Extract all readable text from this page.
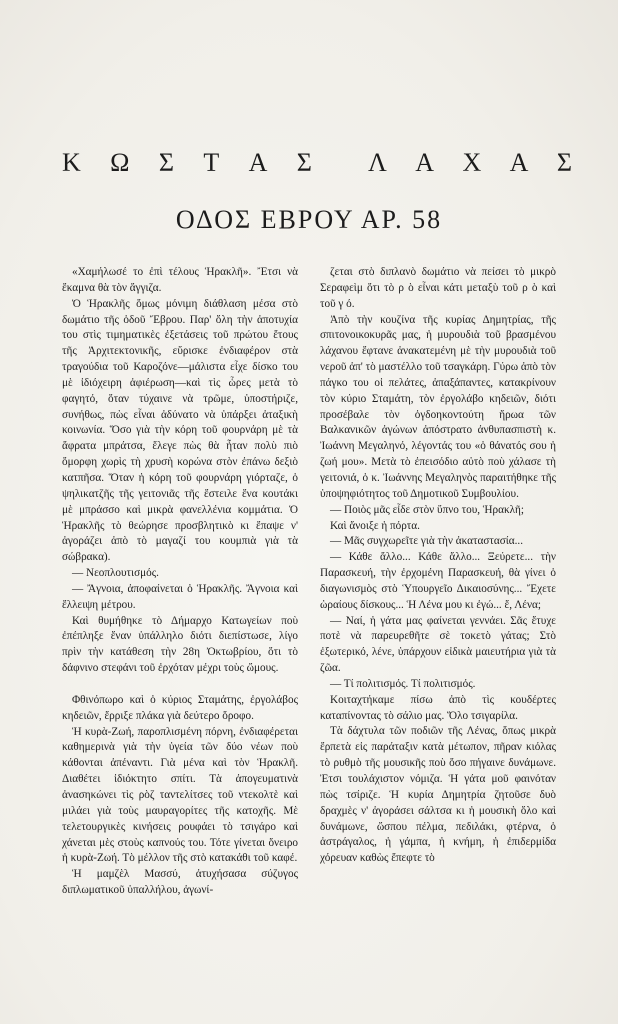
Κ Ω Σ Τ Α Σ Λ Α Χ Α Σ
ΟΔΟΣ ΕΒΡΟΥ ΑΡ. 58

«Χαμήλωσέ το ἐπὶ τέλους Ἡρακλῆ». Ἔτσι νὰ ἔκαμνα θὰ τὸν ἄγγιζα.

Ὁ Ἡρακλῆς ὅμως μόνιμη διάθλαση μέσα στὸ δωμάτιο τῆς ὁδοῦ Ἔβρου. Παρ' ὅλη τὴν ἀποτυχία του στὶς τιμηματικὲς ἐξετάσεις τοῦ πρώτου ἔτους τῆς Ἀρχιτεκτονικῆς, εὕρισκε ἐνδιαφέρον στὰ τραγούδια τοῦ Καροζόνε—μάλιστα εἶχε δίσκο του μὲ ἰδιόχειρη ἀφιέρωση—καὶ τὶς ὧρες μετὰ τὸ φαγητό, ὅταν τύχαινε νὰ τρῶμε, ὑποστήριζε, συνήθως, πὼς εἶναι ἀδύνατο νὰ ὑπάρξει ἀταξικὴ κοινωνία. Ὅσο γιὰ τὴν κόρη τοῦ φουρνάρη μὲ τὰ ἄφρατα μπράτσα, ἔλεγε πὼς θὰ ἦταν πολὺ πιὸ ὄμορφη χωρὶς τὴ χρυσὴ κορώνα στὸν ἐπάνω δεξιὸ κατπῆσα. Ὅταν ἡ κόρη τοῦ φουρνάρη γιόρταζε, ὁ ψηλικατζῆς τῆς γειτονιᾶς τῆς ἔστειλε ἕνα κουτάκι μὲ μπράσσο καὶ μικρὰ φανελλένια κομμάτια. Ὁ Ἡρακλῆς τὸ θεώρησε προσβλητικὸ κι ἔπαψε ν' ἀγοράζει ἀπὸ τὸ μαγαζί του κουμπιὰ γιὰ τὰ σώβρακα).

— Νεοπλουτισμός.

— Ἄγνοια, ἀποφαίνεται ὁ Ἡρακλῆς. Ἄγνοια καὶ ἔλλειψη μέτρου.

Καὶ θυμήθηκε τὸ Δήμαρχο Κατωγείων ποὺ ἐπέπληξε ἕναν ὑπάλληλο διότι διεπίστωσε, λίγο πρὶν τὴν κατάθεση τὴν 28η Ὀκτωβρίου, ὅτι τὸ δάφνινο στεφάνι τοῦ ἐρχόταν μέχρι τοὺς ὤμους.

Φθινόπωρο καὶ ὁ κύριος Σταμάτης, ἐργολάβος κηδειῶν, ἔρριξε πλάκα γιὰ δεύτερο ὄροφο.

Ἡ κυρὰ-Ζωή, παροπλισμένη πόρνη, ἐνδιαφέρεται καθημερινὰ γιὰ τὴν ὑγεία τῶν δύο νέων ποὺ κάθονται ἀπέναντι. Γιὰ μένα καὶ τὸν Ἡρακλῆ. Διαθέτει ἰδιόκτητο σπίτι. Τὰ ἀπογευματινὰ ἀνασηκώνει τὶς ρὸζ ταντελίτσες τοῦ ντεκολτὲ καὶ μιλάει γιὰ τοὺς μαυραγορίτες τῆς κατοχῆς. Μὲ τελετουργικὲς κινήσεις ρουφάει τὸ τσιγάρο καὶ χάνεται μὲς στοὺς καπνούς του. Τότε γίνεται ὄνειρο ἡ κυρὰ-Ζωή. Τὸ μέλλον τῆς στὸ κατακάθι τοῦ καφέ.

Ἡ μαμζὲλ Μασσύ, ἀτυχήσασα σύζυγος διπλωματικοῦ ὑπαλλήλου, ἀγωνί-

ζεται στὸ διπλανὸ δωμάτιο νὰ πείσει τὸ μικρὸ Σεραφεὶμ ὅτι τὸ ρ ὸ εἶναι κάτι μεταξὺ τοῦ ρ ὸ καὶ τοῦ γ ό.

Ἀπὸ τὴν κουζίνα τῆς κυρίας Δημητρίας, τῆς σπιτονοικοκυρᾶς μας, ἡ μυρουδιὰ τοῦ βρασμένου λάχανου ἔφτανε ἀνακατεμένη μὲ τὴν μυρουδιὰ τοῦ νεροῦ ἀπ' τὸ μαστέλλο τοῦ τσαγκάρη. Γύρω ἀπὸ τὸν πάγκο του οἱ πελάτες, ἀπαξάπαντες, κατακρίνουν τὸν κύριο Σταμάτη, τὸν ἐργολάβο κηδειῶν, διότι προσέβαλε τὸν ὀγδοηκοντούτη ἥρωα τῶν Βαλκανικῶν ἀγώνων ἀπόστρατο ἀνθυπασπιστὴ κ. Ἰωάννη Μεγαληνό, λέγοντάς του «ὁ θάνατός σου ἡ ζωή μου». Μετὰ τὸ ἐπεισόδιο αὐτὸ ποὺ χάλασε τὴ γειτονιά, ὁ κ. Ἰωάννης Μεγαληνὸς παραιτήθηκε τῆς ὑποψηφιότητος τοῦ Δημοτικοῦ Συμβουλίου.

— Ποιὸς μᾶς εἶδε στὸν ὕπνο του, Ἡρακλῆ;

Καὶ ἄνοιξε ἡ πόρτα.

— Μᾶς συγχωρεῖτε γιὰ τὴν ἀκαταστασία...

— Κάθε ἄλλο... Κάθε ἄλλο... Ξεύρετε... τὴν Παρασκευή, τὴν ἐρχομένη Παρασκευή, θὰ γίνει ὁ διαγωνισμὸς στὸ Ὑπουργεῖο Δικαιοσύνης... Ἔχετε ὡραίους δίσκους... Ἡ Λένα μου κι ἐγώ... ἔ, Λένα;

— Ναί, ἡ γάτα μας φαίνεται γεννάει. Σᾶς ἔτυχε ποτὲ νὰ παρευρεθῆτε σὲ τοκετὸ γάτας; Στὸ ἐξωτερικό, λένε, ὑπάρχουν εἰδικὰ μαιευτήρια γιὰ τὰ ζῶα.

— Τί πολιτισμός. Τί πολιτισμός.

Κοιταχτήκαμε πίσω ἀπὸ τὶς κουδέρτες καταπίνοντας τὸ σάλιο μας. Ὅλο τσιγαρίλα.

Τὰ δάχτυλα τῶν ποδιῶν τῆς Λένας, ὅπως μικρὰ ἔρπετὰ εἰς παράταξιν κατὰ μέτωπον, πῆραν κιόλας τὸ ρυθμὸ τῆς μουσικῆς ποὺ ὅσο πήγαινε δυνάμωνε. Ἐτσι τουλάχιστον νόμιζα. Ἡ γάτα μοῦ φαινόταν πὼς τσίριζε. Ἡ κυρία Δημητρία ζητοῦσε δυὸ δραχμὲς ν' ἀγοράσει σάλτσα κι ἡ μουσικὴ ὅλο καὶ δυνάμωνε, ὥσπου πέλμα, πεδιλάκι, φτέρνα, ὁ ἀστράγαλος, ἡ γάμπα, ἡ κνήμη, ἡ ἐπιδερμίδα χόρευαν καθὼς ἔπεφτε τὸ
